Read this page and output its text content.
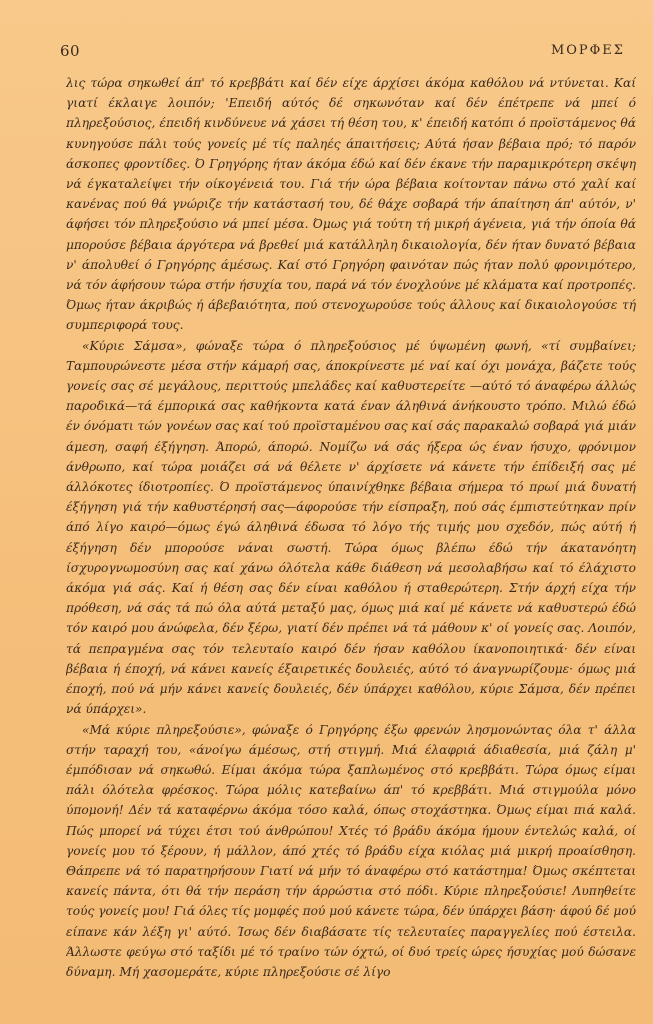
60	ΜΟΡΦΕΣ

λις τώρα σηκωθεί άπ' τό κρεββάτι καί δέν είχε άρχίσει άκόμα καθόλου νά ντύνεται. Καί γιατί έκλαιγε λοιπόν; 'Επειδή αύτός δέ σηκωνόταν καί δέν έπέτρεπε νά μπεί ό πληρεξούσιος, έπειδή κινδύνευε νά χάσει τή θέση του, κ' έπειδή κατόπι ό προϊστάμενος θά κυνηγούσε πάλι τούς γονείς μέ τίς παληές άπαιτήσεις; Αύτά ήσαν βέβαια πρό; τό παρόν άσκοπες φροντίδες. Ό Γρηγόρης ήταν άκόμα έδώ καί δέν έκανε τήν παραμικρότερη σκέψη νά έγκαταλείψει τήν οίκογένειά του. Γιά τήν ώρα βέβαια κοίτονταν πάνω στό χαλί καί κανένας πού θά γνώριζε τήν κατάστασή του, δέ θάχε σοβαρά τήν άπαίτηση άπ' αύτόν, ν' άφήσει τόν πληρεξούσιο νά μπεί μέσα. Όμως γιά τούτη τή μικρή άγένεια, γιά τήν όποία θά μπορούσε βέβαια άργότερα νά βρεθεί μιά κατάλληλη δικαιολογία, δέν ήταν δυνατό βέβαια ν' άπολυθεί ό Γρηγόρης άμέσως. Καί στό Γρηγόρη φαινόταν πώς ήταν πολύ φρονιμότερο, νά τόν άφήσουν τώρα στήν ήσυχία του, παρά νά τόν ένοχλούνε μέ κλάματα καί προτροπές. Όμως ήταν άκριβώς ή άβεβαιότητα, πού στενοχωρούσε τούς άλλους καί δικαιολογούσε τή συμπεριφορά τους.

«Κύριε Σάμσα», φώναξε τώρα ό πληρεξούσιος μέ ύψωμένη φωνή, «τί συμβαίνει; Ταμπουρώνεστε μέσα στήν κάμαρή σας, άποκρίνεστε μέ ναί καί όχι μονάχα, βάζετε τούς γονείς σας σέ μεγάλους, περιττούς μπελάδες καί καθυστερείτε —αύτό τό άναφέρω άλλώς παροδικά—τά έμπορικά σας καθήκοντα κατά έναν άληθινά άνήκουστο τρόπο. Μιλώ έδώ έν όνόματι τών γονέων σας καί τού προϊσταμένου σας καί σάς παρακαλώ σοβαρά γιά μιάν άμεση, σαφή έξήγηση. Άπορώ, άπορώ. Νομίζω νά σάς ήξερα ώς έναν ήσυχο, φρόνιμον άνθρωπο, καί τώρα μοιάζει σά νά θέλετε ν' άρχίσετε νά κάνετε τήν έπίδειξή σας μέ άλλόκοτες ίδιοτροπίες. Ό προϊστάμενος ύπαινίχθηκε βέβαια σήμερα τό πρωί μιά δυνατή έξήγηση γιά τήν καθυστέρησή σας—άφορούσε τήν είσπραξη, πού σάς έμπιστεύτηκαν πρίν άπό λίγο καιρό—όμως έγώ άληθινά έδωσα τό λόγο τής τιμής μου σχεδόν, πώς αύτή ή έξήγηση δέν μπορούσε νάναι σωστή. Τώρα όμως βλέπω έδώ τήν άκατανόητη ίσχυρογνωμοσύνη σας καί χάνω όλότελα κάθε διάθεση νά μεσολαβήσω καί τό έλάχιστο άκόμα γιά σάς. Καί ή θέση σας δέν είναι καθόλου ή σταθερώτερη. Στήν άρχή είχα τήν πρόθεση, νά σάς τά πώ όλα αύτά μεταξύ μας, όμως μιά καί μέ κάνετε νά καθυστερώ έδώ τόν καιρό μου άνώφελα, δέν ξέρω, γιατί δέν πρέπει νά τά μάθουν κ' οί γονείς σας. Λοιπόν, τά πεπραγμένα σας τόν τελευταίο καιρό δέν ήσαν καθόλου ίκανοποιητικά· δέν είναι βέβαια ή έποχή, νά κάνει κανείς έξαιρετικές δουλειές, αύτό τό άναγνωρίζουμε· όμως μιά έποχή, πού νά μήν κάνει κανείς δουλειές, δέν ύπάρχει καθόλου, κύριε Σάμσα, δέν πρέπει νά ύπάρχει».

«Μά κύριε πληρεξούσιε», φώναξε ό Γρηγόρης έξω φρενών λησμονώντας όλα τ' άλλα στήν ταραχή του, «άνοίγω άμέσως, στή στιγμή. Μιά έλαφριά άδιαθεσία, μιά ζάλη μ' έμπόδισαν νά σηκωθώ. Είμαι άκόμα τώρα ξαπλωμένος στό κρεββάτι. Τώρα όμως είμαι πάλι όλότελα φρέσκος. Τώρα μόλις κατεβαίνω άπ' τό κρεββάτι. Μιά στιγμούλα μόνο ύπομονή! Δέν τά καταφέρνω άκόμα τόσο καλά, όπως στοχάστηκα. Όμως είμαι πιά καλά. Πώς μπορεί νά τύχει έτσι τού άνθρώπου! Χτές τό βράδυ άκόμα ήμουν έντελώς καλά, οί γονείς μου τό ξέρουν, ή μάλλον, άπό χτές τό βράδυ είχα κιόλας μιά μικρή προαίσθηση. Θάπρεπε νά τό παρατηρήσουν Γιατί νά μήν τό άναφέρω στό κατάστημα! Όμως σκέπτεται κανείς πάντα, ότι θά τήν περάση τήν άρρώστια στό πόδι. Κύριε πληρεξούσιε! Λυπηθείτε τούς γονείς μου! Γιά όλες τίς μομφές πού μού κάνετε τώρα, δέν ύπάρχει βάση· άφού δέ μού είπανε κάν λέξη γι' αύτό. Ίσως δέν διαβάσατε τίς τελευταίες παραγγελίες πού έστειλα. Άλλωστε φεύγω στό ταξίδι μέ τό τραίνο τών όχτώ, οί δυό τρείς ώρες ήσυχίας μού δώσανε δύναμη. Μή χασομεράτε, κύριε πληρεξούσιε σέ λίγο
